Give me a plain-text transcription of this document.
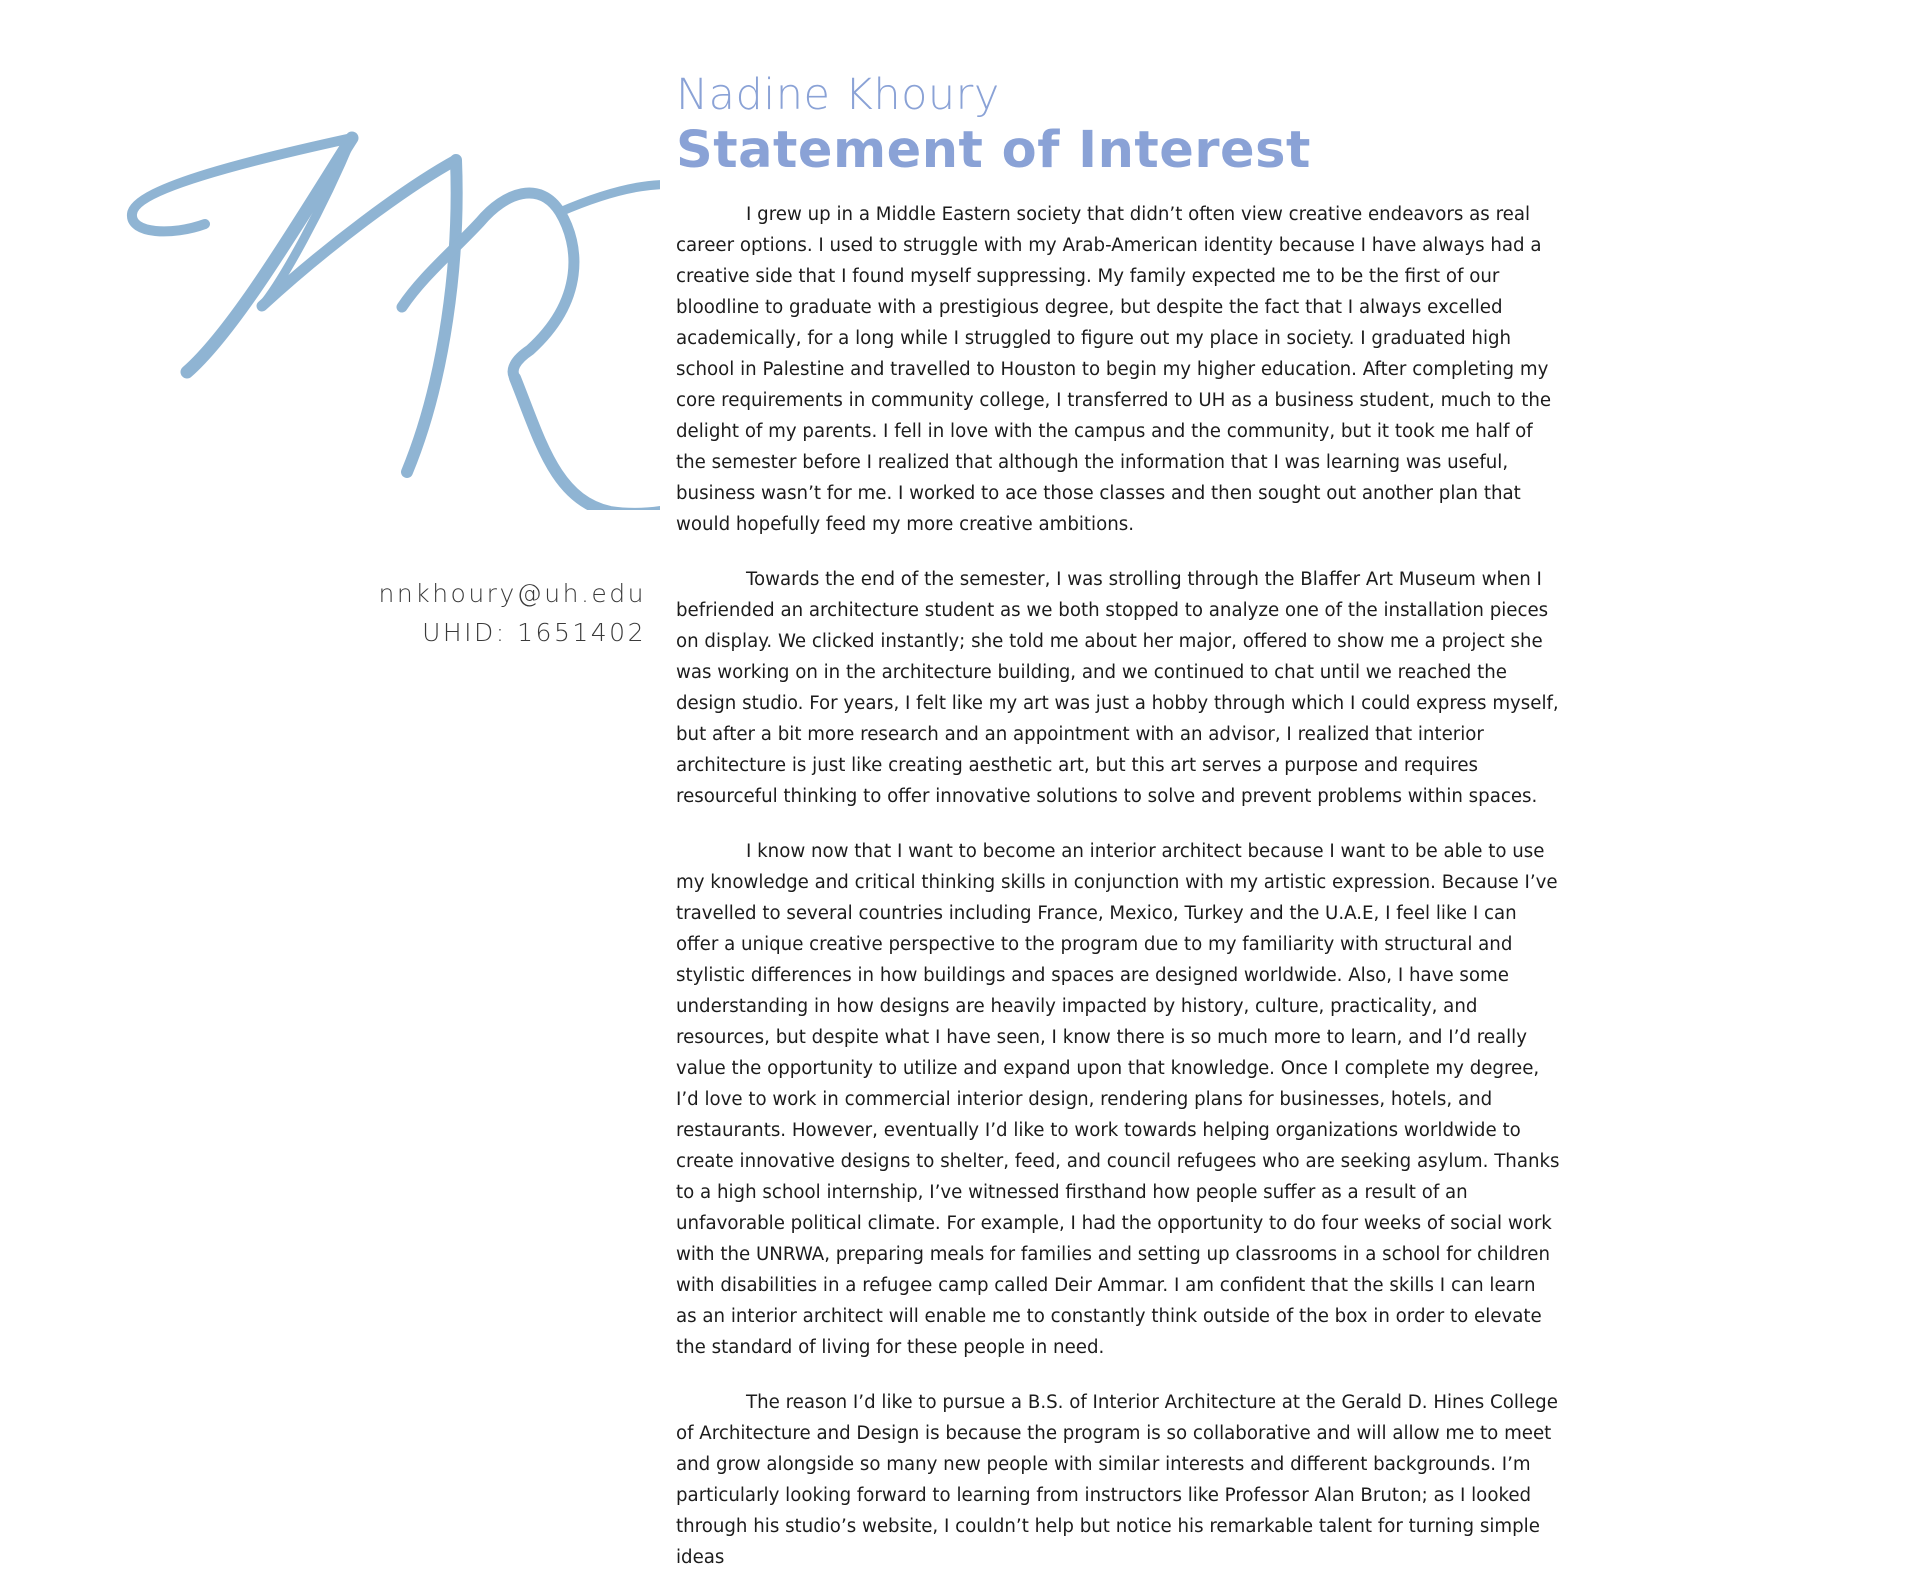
nnkhoury@uh.edu
UHID: 1651402
Nadine Khoury
Statement of Interest

I grew up in a Middle Eastern society that didn’t often view creative endeavors as real career options. I used to struggle with my Arab-American identity because I have always had a creative side that I found myself suppressing. My family expected me to be the first of our bloodline to graduate with a prestigious degree, but despite the fact that I always excelled academically, for a long while I struggled to figure out my place in society. I graduated high school in Palestine and travelled to Houston to begin my higher education. After completing my core requirements in community college, I transferred to UH as a business student, much to the delight of my parents. I fell in love with the campus and the community, but it took me half of the semester before I realized that although the information that I was learning was useful, business wasn’t for me. I worked to ace those classes and then sought out another plan that would hopefully feed my more creative ambitions.

Towards the end of the semester, I was strolling through the Blaffer Art Museum when I befriended an architecture student as we both stopped to analyze one of the installation pieces on display. We clicked instantly; she told me about her major, offered to show me a project she was working on in the architecture building, and we continued to chat until we reached the design studio. For years, I felt like my art was just a hobby through which I could express myself, but after a bit more research and an appointment with an advisor, I realized that interior architecture is just like creating aesthetic art, but this art serves a purpose and requires resourceful thinking to offer innovative solutions to solve and prevent problems within spaces.

I know now that I want to become an interior architect because I want to be able to use my knowledge and critical thinking skills in conjunction with my artistic expression. Because I’ve travelled to several countries including France, Mexico, Turkey and the U.A.E, I feel like I can offer a unique creative perspective to the program due to my familiarity with structural and stylistic differences in how buildings and spaces are designed worldwide. Also, I have some understanding in how designs are heavily impacted by history, culture, practicality, and resources, but despite what I have seen, I know there is so much more to learn, and I’d really value the opportunity to utilize and expand upon that knowledge. Once I complete my degree, I’d love to work in commercial interior design, rendering plans for businesses, hotels, and restaurants. However, eventually I’d like to work towards helping organizations worldwide to create innovative designs to shelter, feed, and council refugees who are seeking asylum. Thanks to a high school internship, I’ve witnessed firsthand how people suffer as a result of an unfavorable political climate. For example, I had the opportunity to do four weeks of social work with the UNRWA, preparing meals for families and setting up classrooms in a school for children with disabilities in a refugee camp called Deir Ammar. I am confident that the skills I can learn as an interior architect will enable me to constantly think outside of the box in order to elevate the standard of living for these people in need.

The reason I’d like to pursue a B.S. of Interior Architecture at the Gerald D. Hines College of Architecture and Design is because the program is so collaborative and will allow me to meet and grow alongside so many new people with similar interests and different backgrounds. I’m particularly looking forward to learning from instructors like Professor Alan Bruton; as I looked through his studio’s website, I couldn’t help but notice his remarkable talent for turning simple ideas
